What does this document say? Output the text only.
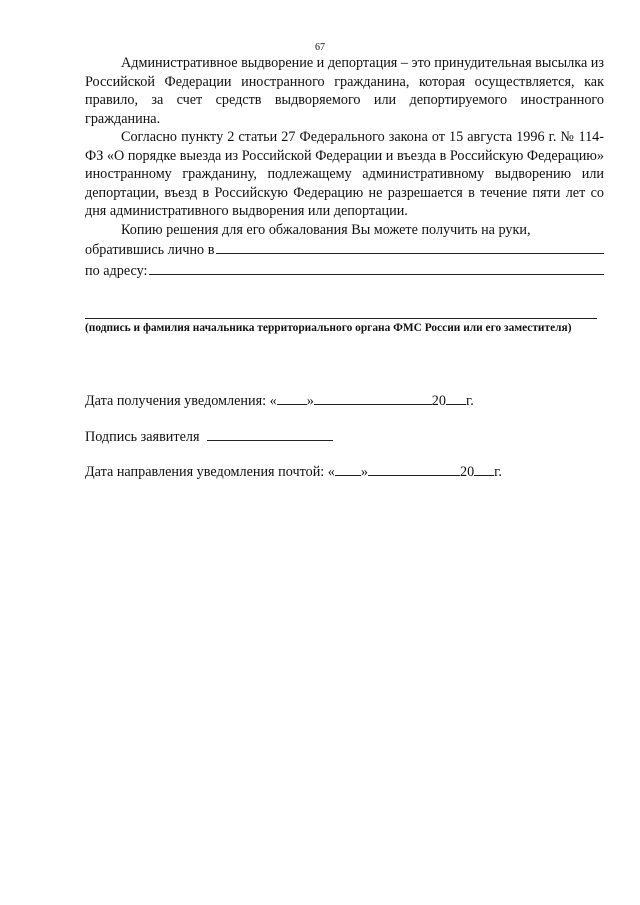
67

Административное выдворение и депортация – это принудительная высылка из Российской Федерации иностранного гражданина, которая осуществляется, как правило, за счет средств выдворяемого или депортируемого иностранного гражданина.

Согласно пункту 2 статьи 27 Федерального закона от 15 августа 1996 г. № 114-ФЗ «О порядке выезда из Российской Федерации и въезда в Российскую Федерацию» иностранному гражданину, подлежащему административному выдворению или депортации, въезд в Российскую Федерацию не разрешается в течение пяти лет со дня административного выдворения или депортации.

Копию решения для его обжалования Вы можете получить на руки,

обратившись лично в
по адресу:
(подпись и фамилия начальника территориального органа ФМС России или его заместителя)
Дата получения уведомления: « »	20 г.
Подпись заявителя
Дата направления уведомления почтой: « »	20 г.
